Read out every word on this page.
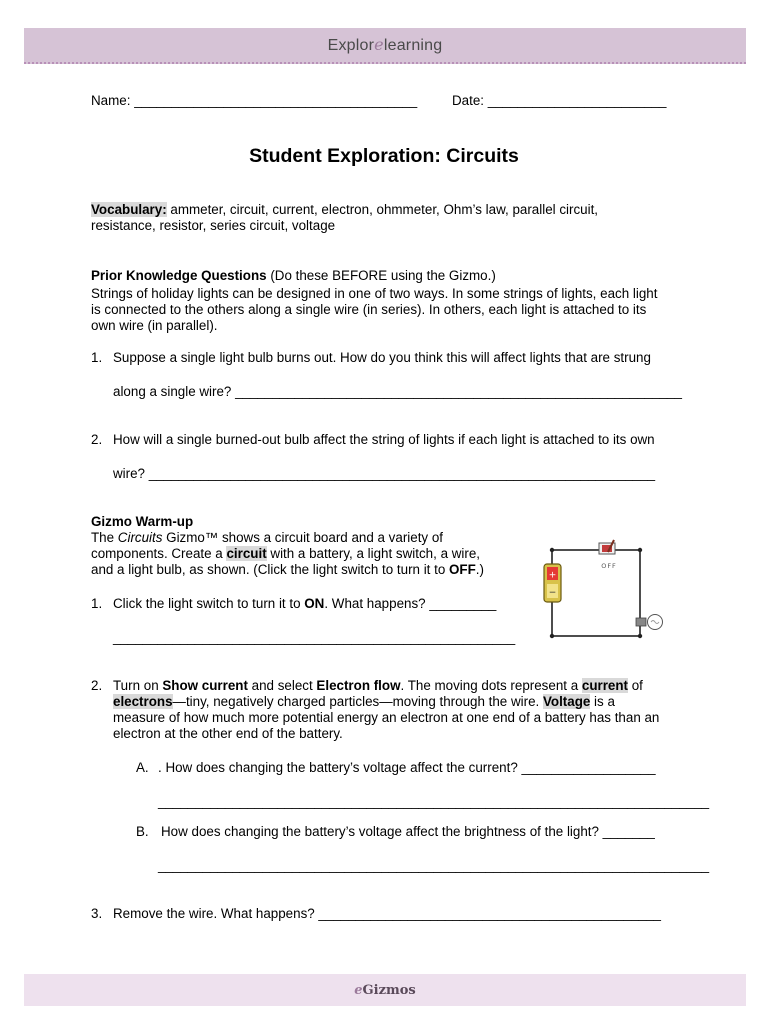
Explorelearning
Name: ______________________________________	Date: ________________________
Student Exploration: Circuits
Vocabulary: ammeter, circuit, current, electron, ohmmeter, Ohm’s law, parallel circuit,
resistance, resistor, series circuit, voltage
Prior Knowledge Questions (Do these BEFORE using the Gizmo.)
Strings of holiday lights can be designed in one of two ways. In some strings of lights, each light
is connected to the others along a single wire (in series). In others, each light is attached to its
own wire (in parallel).
1. Suppose a single light bulb burns out. How do you think this will affect lights that are strung
along a single wire? ____________________________________________________________
2. How will a single burned-out bulb affect the string of lights if each light is attached to its own
wire? ____________________________________________________________________
Gizmo Warm-up
The Circuits Gizmo™ shows a circuit board and a variety of
components. Create a circuit with a battery, a light switch, a wire,
and a light bulb, as shown. (Click the light switch to turn it to OFF.)
1. Click the light switch to turn it to ON. What happens? _________
______________________________________________________
+
−
OFF
2. Turn on Show current and select Electron flow. The moving dots represent a current of
electrons—tiny, negatively charged particles—moving through the wire. Voltage is a
measure of how much more potential energy an electron at one end of a battery has than an
electron at the other end of the battery.
A. . How does changing the battery’s voltage affect the current? __________________
__________________________________________________________________________
B. How does changing the battery’s voltage affect the brightness of the light? _______
__________________________________________________________________________
3. Remove the wire. What happens? ______________________________________________
eGizmos
